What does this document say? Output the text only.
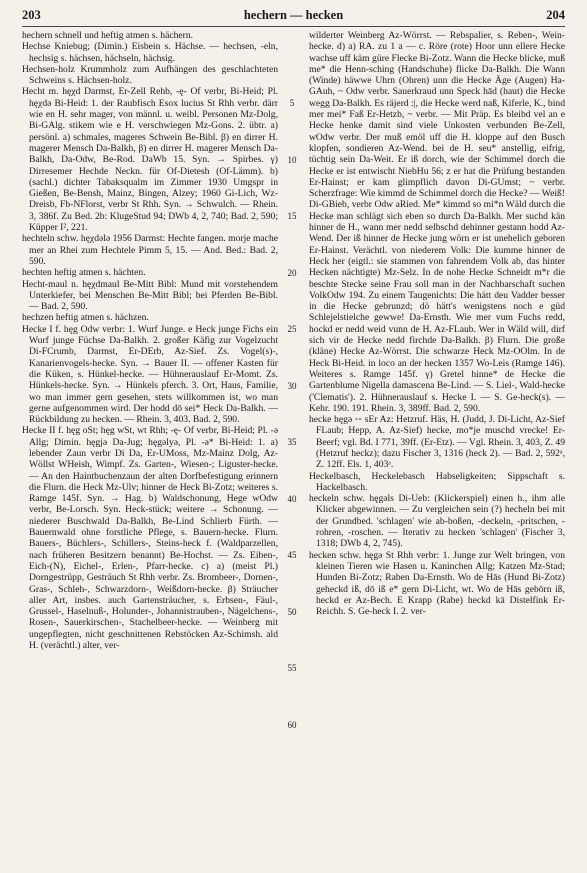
203	hechern — hecken	204

hechern schnell und heftig atmen s. hächern.

Hechse Kniebug; (Dimin.) Eisbein s. Hächse. — hechsen, -eln, hechsig s. hächsen, hächseln, hächsig.

Hechsen-holz Krummholz zum Aufhängen des geschlachteten Schweins s. Hächsen-holz.

Hecht m. hęχd Darmst, Er-Zell Rehb, -ę- Of verbr, Bi-Heid; Pl. hęχdə Bi-Heid: 1. der Raubfisch Esox lucius St Rhh verbr. därr wie en H. sehr mager, von männl. u. weibl. Personen Mz-Dolg, Bi-GAlg. stikem wie e H. verschwiegen Mz-Gons. 2. übtr. a) persönl. a) schmales, mageres Schwein Be-Bibl. β) en dirrer H. magerer Mensch Da-Balkh, β) en dirrer H. magerer Mensch Da-Balkh, Da-Odw, Be-Rod. DaWb 15. Syn. → Spirbes. γ) Dirresemer Hechde Neckn. für Of-Dietesh (Of-Lämm). b) (sachl.) dichter Tabaksqualm im Zimmer 1930 Umgspr in Gießen, Be-Bensh, Mainz, Bingen, Alzey; 1960 Gi-Lich, Wz-Dreisb, Fb-NFlorst, verbr St Rhh. Syn. → Schwulch. — Rhein. 3, 386f. Zu Bed. 2b: KlugeStud 94; DWb 4, 2, 740; Bad. 2, 590; Küpper I², 221.

hechteln schw. hęχdələ 1956 Darmst: Hechte fangen. morje mache mer an Rhei zum Hechtele Pimm 5, 15. — And. Bed.: Bad. 2, 590.

hechten heftig atmen s. hächten.

Hecht-maul n. hęχdmaul Be-Mitt Bibl: Mund mit vorstehendem Unterkiefer, bei Menschen Be-Mitt Bibl; bei Pferden Be-Bibl. — Bad. 2, 590.

hechzen heftig atmen s. hächzen.

Hecke I f. hęg Odw verbr: 1. Wurf Junge. e Heck junge Fichs ein Wurf junge Füchse Da-Balkh. 2. großer Käfig zur Vogelzucht Di-FCrumb, Darmst, Er-DErb, Az-Sief. Zs. Vogel(s)-, Kanarienvogels-hecke. Syn. → Bauer II. — offener Kasten für die Küken, s. Hünkel-hecke. — Hühnerauslauf Er-Momt. Zs. Hünkels-hecke. Syn. → Hünkels pferch. 3. Ort, Haus, Familie, wo man immer gern gesehen, stets willkommen ist, wo man gerne aufgenommen wird. Der hodd dō sei* Heck Da-Balkh. — Rückbildung zu hecken. — Rhein. 3, 403. Bad. 2, 590.

Hecke II f. hęg oSt; hęg wSt, wt Rhh; -ę- Of verbr, Bi-Heid; Pl. -ə Allg; Dimin. hęgjə Da-Jug; hęgəlyə, Pl. -ə* Bi-Heid: 1. a) lebender Zaun verbr Di Da, Er-UMoss, Mz-Mainz Dolg, Az-Wöllst WHeish, Wimpf. Zs. Garten-, Wiesen-; Liguster-hecke. — An den Haintbuchenzaun der alten Dorfbefestigung erinnern die Flurn. die Heck Mz-Ulv; hinner de Heck Bi-Zotz; weiteres s. Ramge 145f. Syn. → Hag. b) Waldschonung, Hege wOdw verbr, Be-Lorsch. Syn. Heck-stück; weitere → Schonung. — niederer Buschwald Da-Balkh, Be-Lind Schlierb Fürth. — Bauernwald ohne forstliche Pflege, s. Bauern-hecke. Flurn. Bauers-, Büchlers-, Schillers-, Steins-heck f. (Waldparzellen, nach früheren Besitzern benannt) Be-Hochst. — Zs. Eiben-, Eich-(N), Eichel-, Erlen-, Pfarr-hecke. c) a) (meist Pl.) Dorngestrüpp, Gesträuch St Rhh verbr. Zs. Brombeer-, Dornen-, Gras-, Schleh-, Schwarzdorn-, Weißdorn-hecke. β) Sträucher aller Art, insbes. auch Gartensträucher, s. Erbsen-, Fäul-, Grussel-, Haselnuß-, Holunder-, Johannistrauben-, Nägelchens-, Rosen-, Sauerkirschen-, Stachelbeer-hecke. — Weinberg mit ungepflegten, nicht geschnittenen Rebstöcken Az-Schimsh. ald H. (verächtl.) alter, ver-

5
10
15
20
25
30
35
40
45
50
55
60

wilderter Weinberg Az-Wörrst. — Rebspalier, s. Reben-, Wein-hecke. d) a) RA. zu 1 a — c. Röre (rote) Hoor unn ellere Hecke wachse uff käm güre Flecke Bi-Zotz. Wann die Hecke blicke, muß me* die Henn-sching (Handschuhe) flicke Da-Balkh. Die Wann (Winde) häwwe Uhrn (Ohren) unn die Hecke Äge (Augen) Ha-GAuh, ~ Odw verbr. Sauerkraud unn Speck hād (haut) die Hecke wegg Da-Balkh. Es räjerd :|, die Hecke werd naß, Kiferle, K., bind mer mei* Faß Er-Hetzb, ~ verbr. — Mit Präp. Es bleibd vel an e Hecke henke damit sind viele Unkosten verbunden Be-Zell, wOdw verbr. Der muß emöl uff die H. kloppe auf den Busch klopfen, sondieren Az-Wend. bei de H. seu* anstellig, eifrig, tüchtig sein Da-Weit. Er iß dorch, wie der Schimmel dorch die Hecke er ist entwischt NiebHu 56; z er hat die Prüfung bestanden Er-Hainst; er kam glimpflich davon Di-GUmst; ~ verbr. Scherzfrage: Wie kimmd de Schimmel dorch die Hecke? — Weiß! Di-GBieb, verbr Odw aRied. Me* kimmd so mi*n Wäld durch die Hecke man schlägt sich eben so durch Da-Balkh. Mer suchd kän hinner de H., wann mer nedd selbschd dehinner gestann hodd Az-Wend. Der iß hinner de Hecke jung wörn er ist unehelich geboren Er-Hainst. Verächtl. von niederem Volk: Die kumme hinner de Heck her (eigtl.: sie stammen von fahrendem Volk ab, das hinter Hecken nächtigte) Mz-Selz. In de nohe Hecke Schneidt m*r die beschte Stecke seine Frau soll man in der Nachbarschaft suchen VolkOdw 194. Zu einem Taugenichts: Die hätt deu Vadder besser in die Hecke gebrunzd; dö hätt's wenigstens noch e güd Schlejelstielche gewwe! Da-Ernsth. Wie mer vum Fuchs redd, hockd er nedd weid vunn de H. Az-FLaub. Wer in Wäld will, dirf sich vir de Hecke nedd firchde Da-Balkh. β) Flurn. Die große (kläne) Hecke Az-Wörrst. Die schwarze Heck Mz-OOlm. In de Heck Bi-Heid. in loco an der hecken 1357 Wo-Leis (Ramge 146). Weiteres s. Ramge 145f. γ) Gretel hinne* de Hecke die Gartenblume Nigella damascena Be-Lind. — S. Liel-, Wald-hecke ('Clematis'). 2. Hühnerauslauf s. Hecke I. — S. Ge-heck(s). — Kehr. 190. 191. Rhein. 3, 389ff. Bad. 2, 590.

hecke hęgə ◦◦ sEr Az: Hetzruf. Häs, H. (Judd, J. Di-Licht, Az-Sief FLaub; Hepp, A. Az-Sief) hecke, mo*je muschd vrecke! Er-Beerf; vgl. Bd. I 771, 39ff. (Er-Etz). — Vgl. Rhein. 3, 403, Z. 49 (Hetzruf heckz); dazu Fischer 3, 1316 (heck 2). — Bad. 2, 592ᵃ, Z. 12ff. Els. 1, 403ᵃ.

Heckelbasch, Heckelebasch Habseligkeiten; Sippschaft s. Hackelbasch.

heckeln schw. hęgəls Di-Ueb: (Klickerspiel) einen h., ihm alle Klicker abgewinnen. — Zu vergleichen sein (?) hecheln bei mit der Grundbed. 'schlagen' wie ab-boßen, -deckeln, -pritschen, -rohren, -roschen. — Iterativ zu hecken 'schlagen' (Fischer 3, 1318; DWb 4, 2, 745).

hecken schw. hęgə St Rhh verbr: 1. Junge zur Welt bringen, von kleinen Tieren wie Hasen u. Kaninchen Allg; Katzen Mz-Stad; Hunden Bi-Zotz; Raben Da-Ernsth. Wo de Hās (Hund Bi-Zotz) geheckd iß, dō iß e* gern Di-Licht, wt. Wo de Hās gebōrn iß, heckd er Az-Bech. E Krapp (Rabe) heckd kā Distelfink Er-Reichh. S. Ge-heck I. 2. ver-
